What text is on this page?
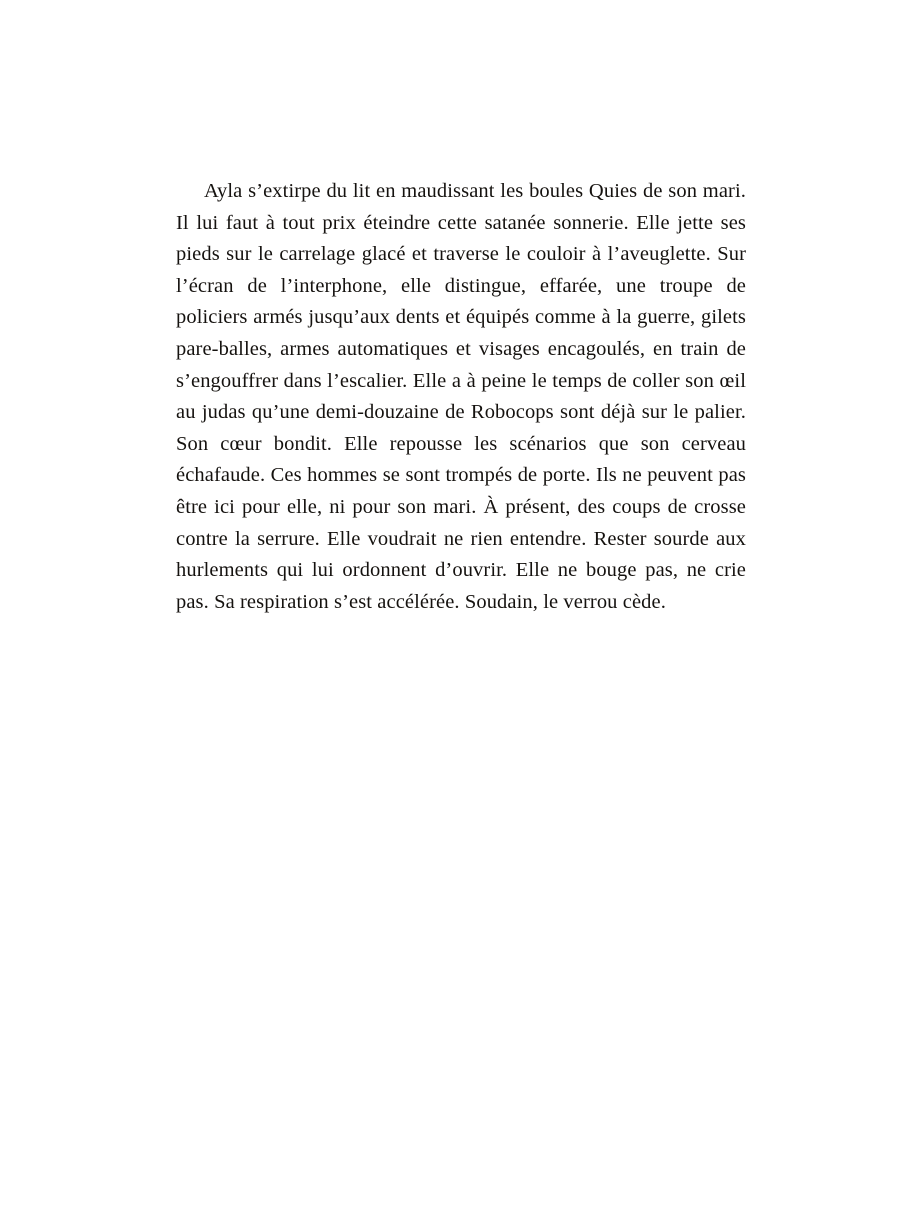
Ayla s’extirpe du lit en maudissant les boules Quies de son mari. Il lui faut à tout prix éteindre cette satanée sonnerie. Elle jette ses pieds sur le carrelage glacé et traverse le couloir à l’aveuglette. Sur l’écran de l’interphone, elle distingue, effarée, une troupe de policiers armés jusqu’aux dents et équipés comme à la guerre, gilets pare-balles, armes automatiques et visages encagoulés, en train de s’engouffrer dans l’escalier. Elle a à peine le temps de coller son œil au judas qu’une demi-douzaine de Robocops sont déjà sur le palier. Son cœur bondit. Elle repousse les scénarios que son cerveau échafaude. Ces hommes se sont trompés de porte. Ils ne peuvent pas être ici pour elle, ni pour son mari. À présent, des coups de crosse contre la serrure. Elle voudrait ne rien entendre. Rester sourde aux hurlements qui lui ordonnent d’ouvrir. Elle ne bouge pas, ne crie pas. Sa respiration s’est accélérée. Soudain, le verrou cède.
